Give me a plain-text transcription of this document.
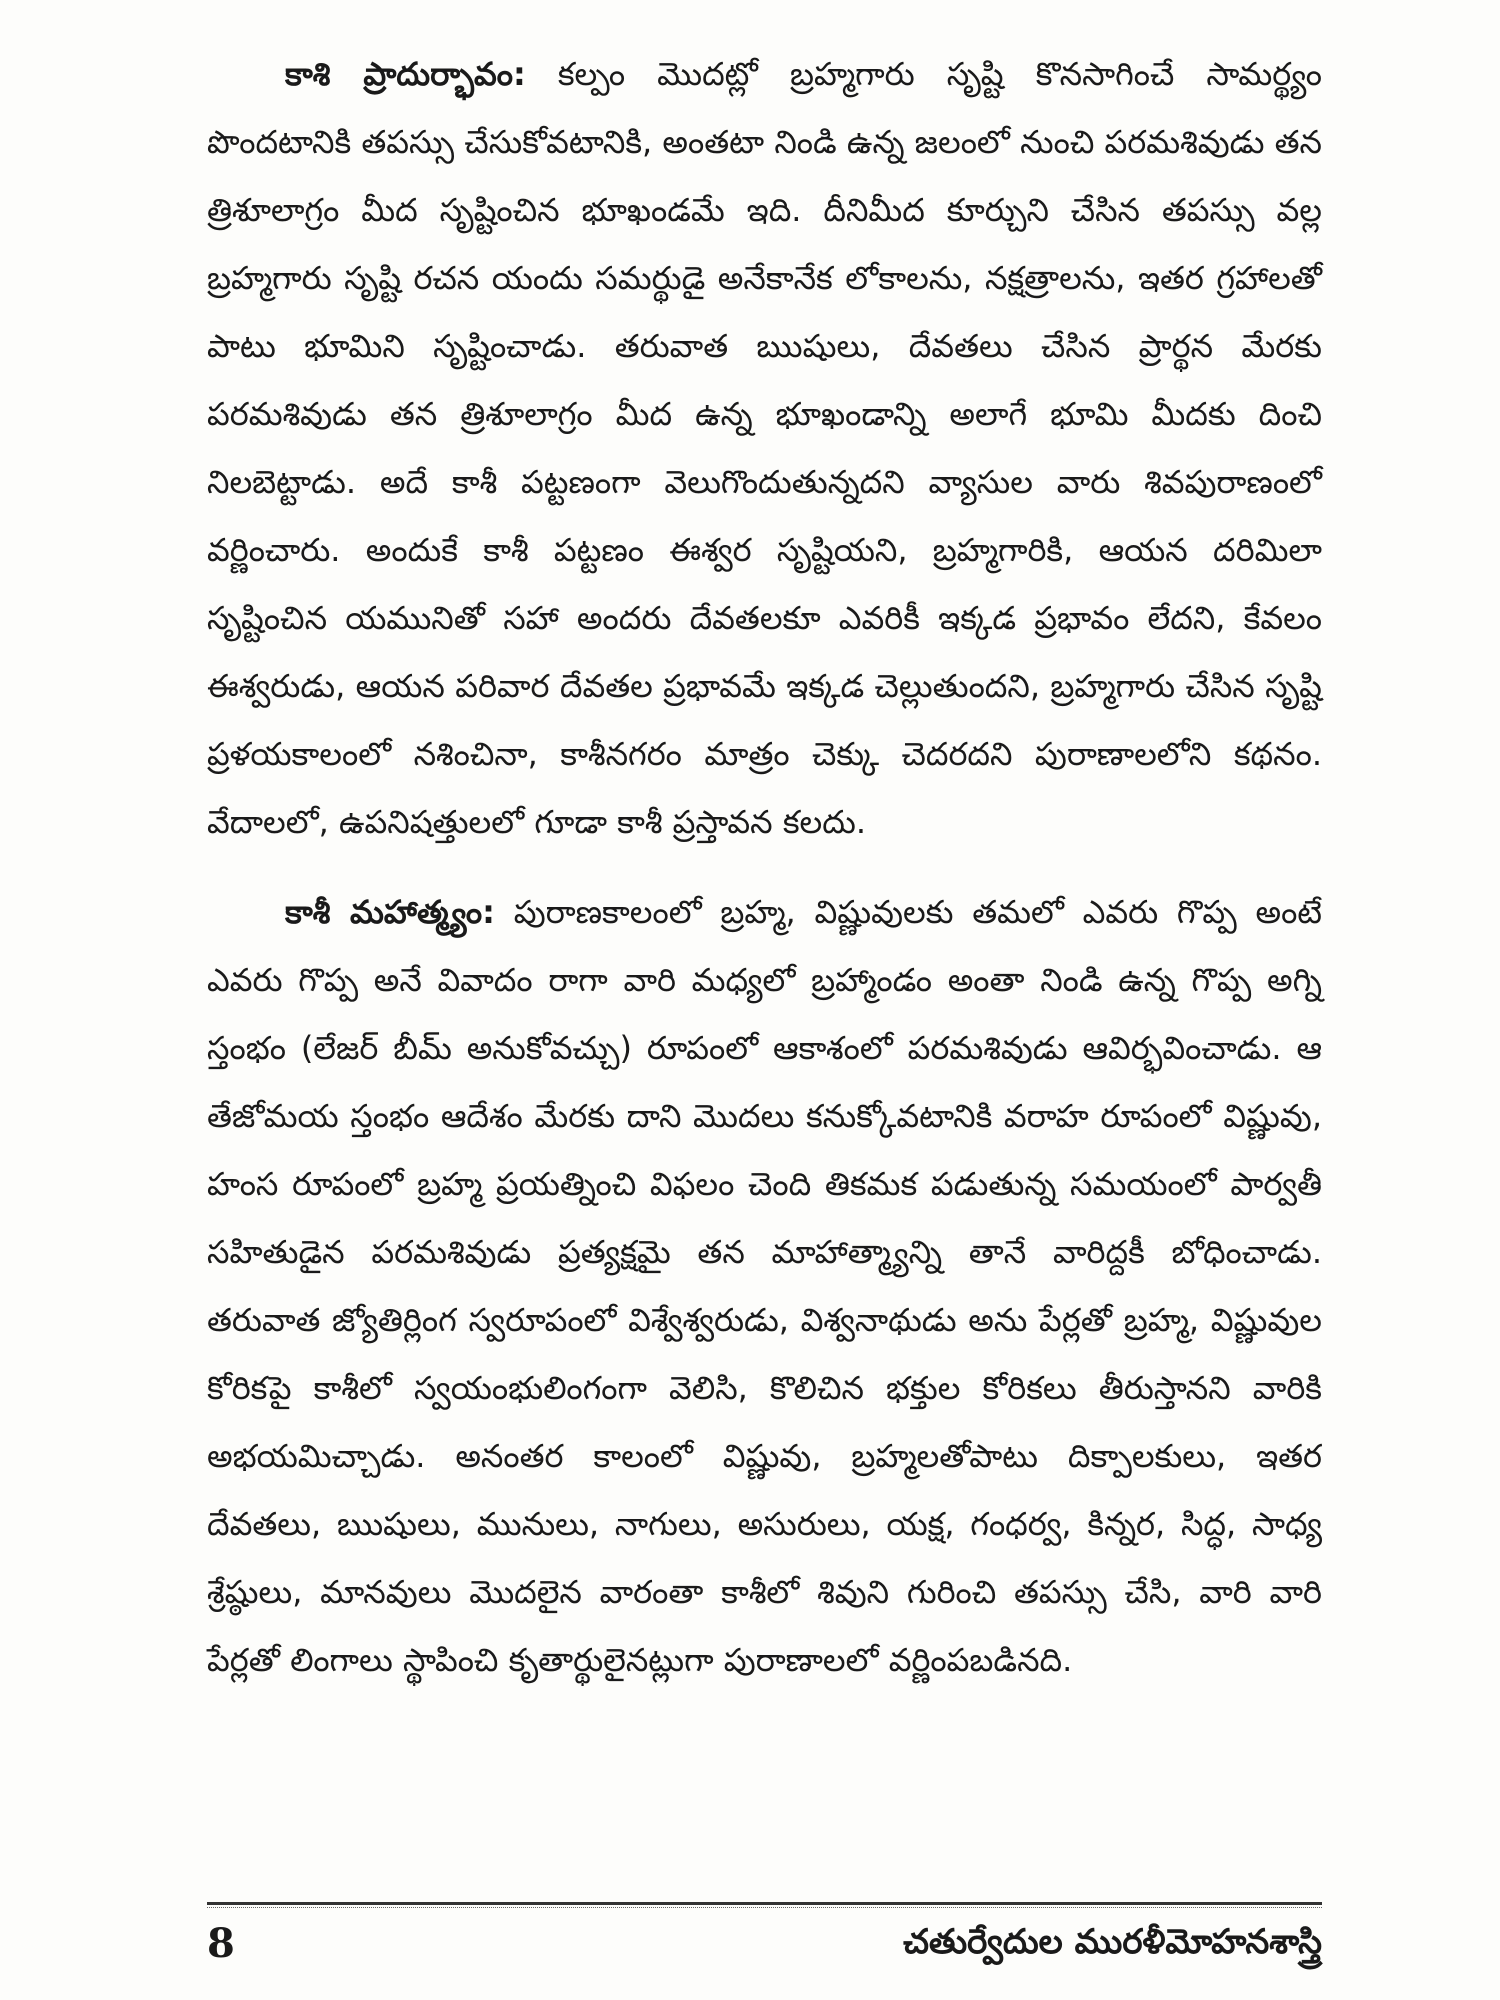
కాశి ప్రాదుర్భావం: కల్పం మొదట్లో బ్రహ్మగారు సృష్టి కొనసాగించే సామర్థ్యం పొందటానికి తపస్సు చేసుకోవటానికి, అంతటా నిండి ఉన్న జలంలో నుంచి పరమశివుడు తన త్రిశూలాగ్రం మీద సృష్టించిన భూఖండమే ఇది. దీనిమీద కూర్చుని చేసిన తపస్సు వల్ల బ్రహ్మగారు సృష్టి రచన యందు సమర్థుడై అనేకానేక లోకాలను, నక్షత్రాలను, ఇతర గ్రహాలతో పాటు భూమిని సృష్టించాడు. తరువాత ఋషులు, దేవతలు చేసిన ప్రార్థన మేరకు పరమశివుడు తన త్రిశూలాగ్రం మీద ఉన్న భూఖండాన్ని అలాగే భూమి మీదకు దించి నిలబెట్టాడు. అదే కాశీ పట్టణంగా వెలుగొందుతున్నదని వ్యాసుల వారు శివపురాణంలో వర్ణించారు. అందుకే కాశీ పట్టణం ఈశ్వర సృష్టియని, బ్రహ్మగారికి, ఆయన దరిమిలా సృష్టించిన యమునితో సహా అందరు దేవతలకూ ఎవరికీ ఇక్కడ ప్రభావం లేదని, కేవలం ఈశ్వరుడు, ఆయన పరివార దేవతల ప్రభావమే ఇక్కడ చెల్లుతుందని, బ్రహ్మగారు చేసిన సృష్టి ప్రళయకాలంలో నశించినా, కాశీనగరం మాత్రం చెక్కు చెదరదని పురాణాలలోని కథనం. వేదాలలో, ఉపనిషత్తులలో గూడా కాశీ ప్రస్తావన కలదు.

కాశీ మహాత్మ్యం: పురాణకాలంలో బ్రహ్మ, విష్ణువులకు తమలో ఎవరు గొప్ప అంటే ఎవరు గొప్ప అనే వివాదం రాగా వారి మధ్యలో బ్రహ్మాండం అంతా నిండి ఉన్న గొప్ప అగ్ని స్తంభం (లేజర్ బీమ్ అనుకోవచ్చు) రూపంలో ఆకాశంలో పరమశివుడు ఆవిర్భవించాడు. ఆ తేజోమయ స్తంభం ఆదేశం మేరకు దాని మొదలు కనుక్కోవటానికి వరాహ రూపంలో విష్ణువు, హంస రూపంలో బ్రహ్మ ప్రయత్నించి విఫలం చెంది తికమక పడుతున్న సమయంలో పార్వతీ సహితుడైన పరమశివుడు ప్రత్యక్షమై తన మాహాత్మ్యాన్ని తానే వారిద్దకీ బోధించాడు. తరువాత జ్యోతిర్లింగ స్వరూపంలో విశ్వేశ్వరుడు, విశ్వనాథుడు అను పేర్లతో బ్రహ్మ, విష్ణువుల కోరికపై కాశీలో స్వయంభులింగంగా వెలిసి, కొలిచిన భక్తుల కోరికలు తీరుస్తానని వారికి అభయమిచ్చాడు. అనంతర కాలంలో విష్ణువు, బ్రహ్మలతోపాటు దిక్పాలకులు, ఇతర దేవతలు, ఋషులు, మునులు, నాగులు, అసురులు, యక్ష, గంధర్వ, కిన్నర, సిద్ధ, సాధ్య శ్రేష్ఠులు, మానవులు మొదలైన వారంతా కాశీలో శివుని గురించి తపస్సు చేసి, వారి వారి పేర్లతో లింగాలు స్థాపించి కృతార్థులైనట్లుగా పురాణాలలో వర్ణింపబడినది.

8	చతుర్వేదుల మురళీమోహనశాస్త్రి
